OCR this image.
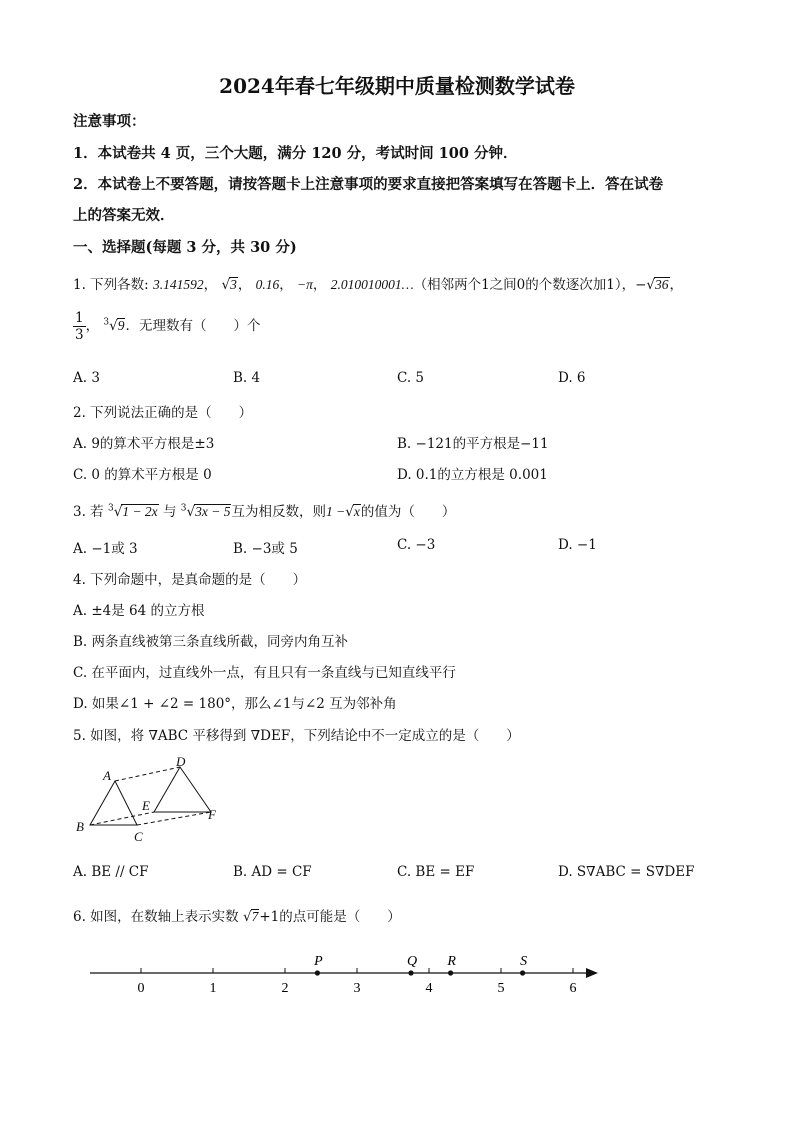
2024年春七年级期中质量检测数学试卷
注意事项：
1．本试卷共 4 页，三个大题，满分 120 分，考试时间 100 分钟．
2．本试卷上不要答题，请按答题卡上注意事项的要求直接把答案填写在答题卡上．答在试卷
上的答案无效．
一、选择题(每题 3 分，共 30 分)
1. 下列各数: 3.141592， √3， 0.16， −π， 2.010010001…（相邻两个1之间0的个数逐次加1），−√36，
$\frac{1}{3}$ ， $^3$√9．无理数有（　　）个
A. 3	B. 4	C. 5	D. 6
2. 下列说法正确的是（　　）
A. 9的算术平方根是±3	B. −121的平方根是−11
C. 0 的算术平方根是 0	D. 0.1的立方根是 0.001
3. 若 $^3$√1 − 2x 与 $^3$√3x − 5互为相反数，则1 −√x的值为（　　）
A. −1或 3	B. −3或 5	C. −3	D. −1
4. 下列命题中，是真命题的是（　　）
A. ±4是 64 的立方根
B. 两条直线被第三条直线所截，同旁内角互补
C. 在平面内，过直线外一点，有且只有一条直线与已知直线平行
D. 如果∠1 + ∠2 = 180°，那么∠1与∠2 互为邻补角
5. 如图，将 ∇ABC 平移得到 ∇DEF，下列结论中不一定成立的是（　　）
A
B
C
D
E
F
A. BE // CF	B. AD = CF	C. BE = EF	D. S∇ABC = S∇DEF
6. 如图，在数轴上表示实数 √7+1的点可能是（　　）
0	1	2	3	4	5	6
P	Q R	S
